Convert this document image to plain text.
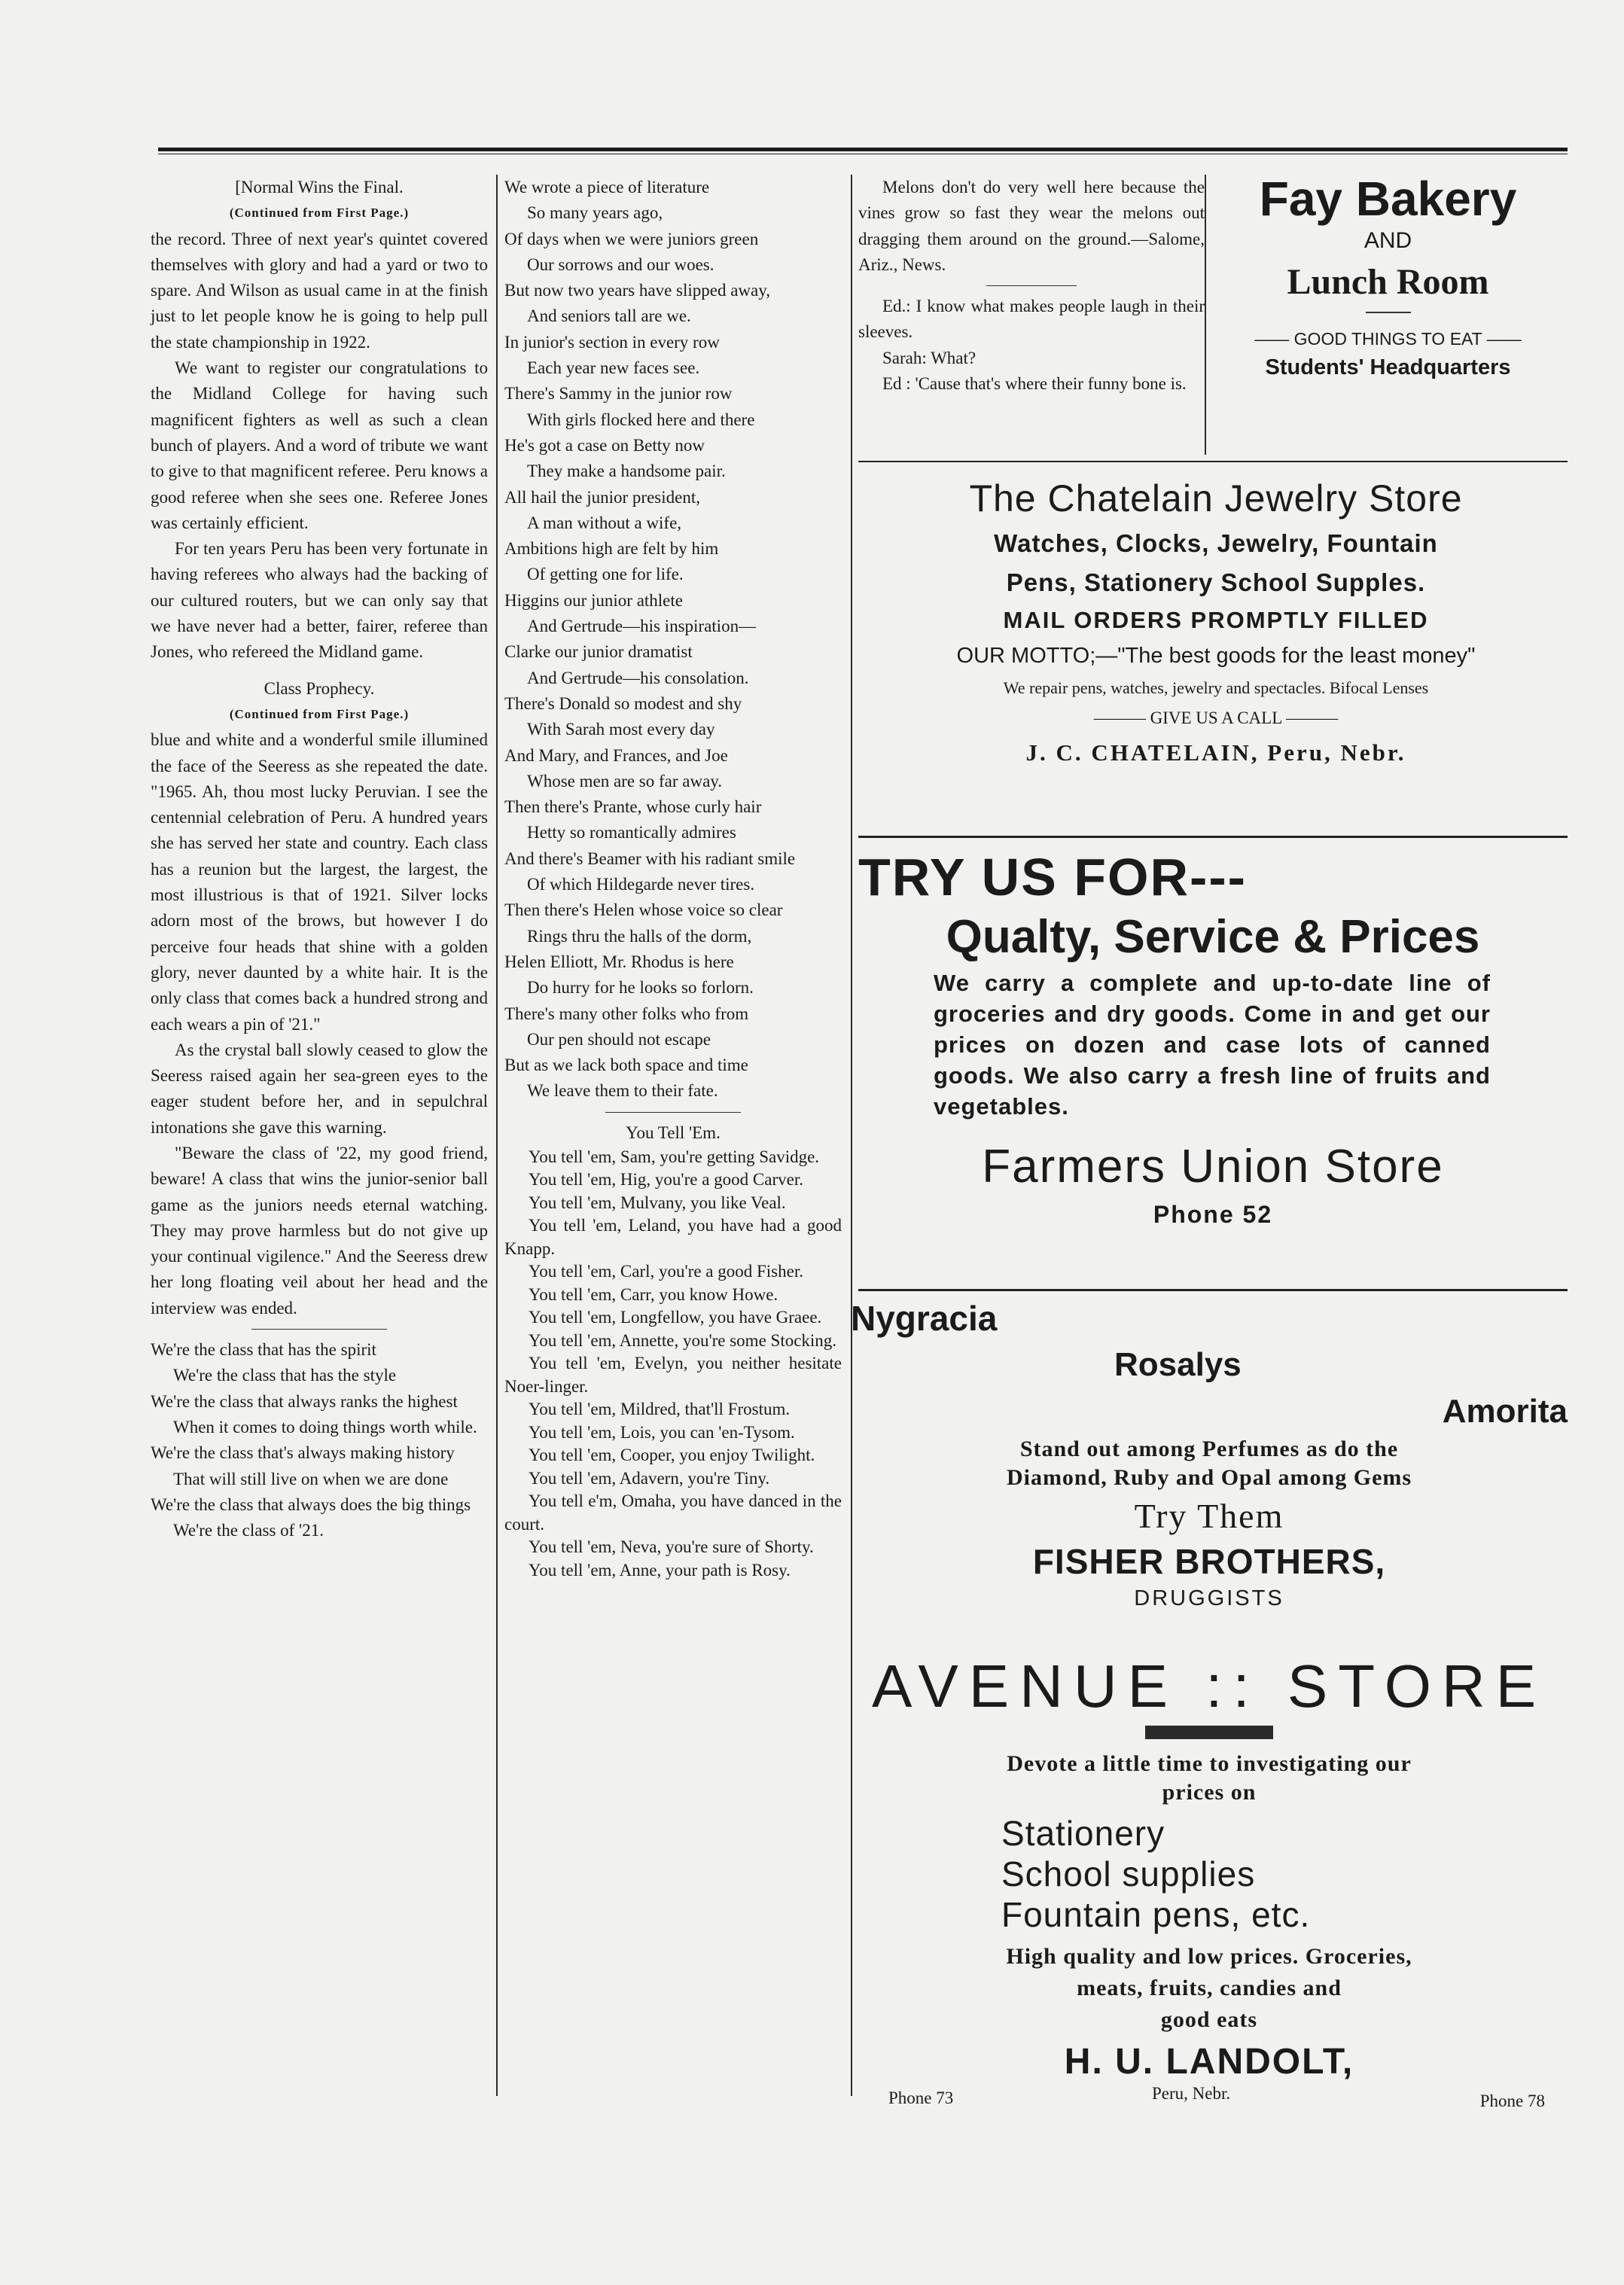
[Normal Wins the Final.

(Continued from First Page.)

the record. Three of next year's quintet covered themselves with glory and had a yard or two to spare. And Wilson as usual came in at the finish just to let people know he is going to help pull the state championship in 1922.

We want to register our congratulations to the Midland College for having such magnificent fighters as well as such a clean bunch of players. And a word of tribute we want to give to that magnificent referee. Peru knows a good referee when she sees one. Referee Jones was certainly efficient.

For ten years Peru has been very fortunate in having referees who always had the backing of our cultured routers, but we can only say that we have never had a better, fairer, referee than Jones, who refereed the Midland game.

Class Prophecy.

(Continued from First Page.)

blue and white and a wonderful smile illumined the face of the Seeress as she repeated the date. "1965. Ah, thou most lucky Peruvian. I see the centennial celebration of Peru. A hundred years she has served her state and country. Each class has a reunion but the largest, the largest, the most illustrious is that of 1921. Silver locks adorn most of the brows, but however I do perceive four heads that shine with a golden glory, never daunted by a white hair. It is the only class that comes back a hundred strong and each wears a pin of '21."

As the crystal ball slowly ceased to glow the Seeress raised again her sea-green eyes to the eager student before her, and in sepulchral intonations she gave this warning.

"Beware the class of '22, my good friend, beware! A class that wins the junior-senior ball game as the juniors needs eternal watching. They may prove harmless but do not give up your continual vigilence." And the Seeress drew her long floating veil about her head and the interview was ended.

We're the class that has the spirit
We're the class that has the style
We're the class that always ranks the highest
When it comes to doing things worth while.
We're the class that's always making history
That will still live on when we are done
We're the class that always does the big things
We're the class of '21.
We wrote a piece of literature
So many years ago,
Of days when we were juniors green
Our sorrows and our woes.
But now two years have slipped away,
And seniors tall are we.
In junior's section in every row
Each year new faces see.
There's Sammy in the junior row
With girls flocked here and there
He's got a case on Betty now
They make a handsome pair.
All hail the junior president,
A man without a wife,
Ambitions high are felt by him
Of getting one for life.
Higgins our junior athlete
And Gertrude—his inspiration—
Clarke our junior dramatist
And Gertrude—his consolation.
There's Donald so modest and shy
With Sarah most every day
And Mary, and Frances, and Joe
Whose men are so far away.
Then there's Prante, whose curly hair
Hetty so romantically admires
And there's Beamer with his radiant smile
Of which Hildegarde never tires.
Then there's Helen whose voice so clear
Rings thru the halls of the dorm,
Helen Elliott, Mr. Rhodus is here
Do hurry for he looks so forlorn.
There's many other folks who from
Our pen should not escape
But as we lack both space and time
We leave them to their fate.

You Tell 'Em.

You tell 'em, Sam, you're getting Savidge.

You tell 'em, Hig, you're a good Carver.

You tell 'em, Mulvany, you like Veal.

You tell 'em, Leland, you have had a good Knapp.

You tell 'em, Carl, you're a good Fisher.

You tell 'em, Carr, you know Howe.

You tell 'em, Longfellow, you have Graee.

You tell 'em, Annette, you're some Stocking.

You tell 'em, Evelyn, you neither hesitate Noer-linger.

You tell 'em, Mildred, that'll Frostum.

You tell 'em, Lois, you can 'en-Tysom.

You tell 'em, Cooper, you enjoy Twilight.

You tell 'em, Adavern, you're Tiny.

You tell e'm, Omaha, you have danced in the court.

You tell 'em, Neva, you're sure of Shorty.

You tell 'em, Anne, your path is Rosy.

Melons don't do very well here because the vines grow so fast they wear the melons out dragging them around on the ground.—Salome, Ariz., News.

Ed.: I know what makes people laugh in their sleeves.

Sarah: What?

Ed : 'Cause that's where their funny bone is.

Fay Bakery
AND
Lunch Room
—— GOOD THINGS TO EAT ——
Students' Headquarters
The Chatelain Jewelry Store
Watches, Clocks, Jewelry, Fountain
Pens, Stationery School Supples.
MAIL ORDERS PROMPTLY FILLED
OUR MOTTO;—"The best goods for the least money"
We repair pens, watches, jewelry and spectacles. Bifocal Lenses
——— GIVE US A CALL ———
J. C. CHATELAIN, Peru, Nebr.
TRY US FOR---
Qualty, Service & Prices
We carry a complete and up-to-date line of groceries and dry goods. Come in and get our prices on dozen and case lots of canned goods. We also carry a fresh line of fruits and vegetables.
Farmers Union Store
Phone 52
Nygracia
Rosalys
Amorita
Stand out among Perfumes as do the
Diamond, Ruby and Opal among Gems
Try Them
FISHER BROTHERS,
DRUGGISTS
AVENUE :: STORE
Devote a little time to investigating our
prices on
Stationery
School supplies
Fountain pens, etc.
High quality and low prices. Groceries,
meats, fruits, candies and
good eats
H. U. LANDOLT,
Phone 73	Peru, Nebr.	Phone 78
